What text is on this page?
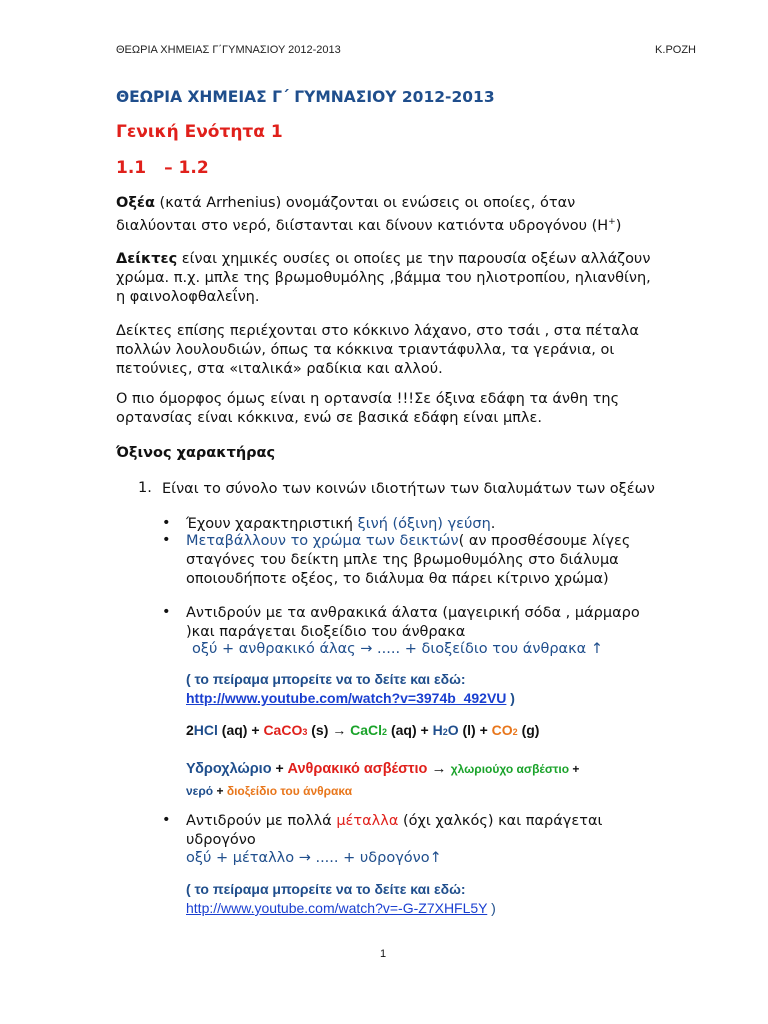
ΘΕΩΡΙΑ ΧΗΜΕΙΑΣ Γ΄ΓΥΜΝΑΣΙΟΥ 2012-2013	Κ.ΡΟΖΗ
ΘΕΩΡΙΑ ΧΗΜΕΙΑΣ Γ΄ ΓΥΜΝΑΣΙΟΥ 2012-2013
Γενική Ενότητα 1
1.1 – 1.2
Οξέα (κατά Arrhenius) ονομάζονται οι ενώσεις οι οποίες, όταν διαλύονται στο νερό, διίστανται και δίνουν κατιόντα υδρογόνου (H+)
Δείκτες είναι χημικές ουσίες οι οποίες με την παρουσία οξέων αλλάζουν χρώμα. π.χ. μπλε της βρωμοθυμόλης ,βάμμα του ηλιοτροπίου, ηλιανθίνη, η φαινολοφθαλεΐνη.
Δείκτες επίσης περιέχονται στο κόκκινο λάχανο, στο τσάι , στα πέταλα πολλών λουλουδιών, όπως τα κόκκινα τριαντάφυλλα, τα γεράνια, οι πετούνιες, στα «ιταλικά» ραδίκια και αλλού.
Ο πιο όμορφος όμως είναι η ορτανσία !!!Σε όξινα εδάφη τα άνθη της ορτανσίας είναι κόκκινα, ενώ σε βασικά εδάφη είναι μπλε.
Όξινος χαρακτήρας
1. Είναι το σύνολο των κοινών ιδιοτήτων των διαλυμάτων των οξέων
• Έχουν χαρακτηριστική ξινή (όξινη) γεύση.
• Μεταβάλλουν το χρώμα των δεικτών( αν προσθέσουμε λίγες σταγόνες του δείκτη μπλε της βρωμοθυμόλης στο διάλυμα οποιουδήποτε οξέος, το διάλυμα θα πάρει κίτρινο χρώμα)
• Αντιδρούν με τα ανθρακικά άλατα (μαγειρική σόδα , μάρμαρο )και παράγεται διοξείδιο του άνθρακα
οξύ + ανθρακικό άλας → ..... + διοξείδιο του άνθρακα ↑
( το πείραμα μπορείτε να το δείτε και εδώ:
http://www.youtube.com/watch?v=3974b_492VU )
2HCl (aq) + CaCO3 (s) → CaCl2 (aq) + H2O (l) + CO2 (g)
Υδροχλώριο + Ανθρακικό ασβέστιο → χλωριούχο ασβέστιο +
νερό + διοξείδιο του άνθρακα
• Αντιδρούν με πολλά μέταλλα (όχι χαλκός) και παράγεται υδρογόνο
οξύ + μέταλλο → ..... + υδρογόνο↑
( το πείραμα μπορείτε να το δείτε και εδώ:
http://www.youtube.com/watch?v=-G-Z7XHFL5Y )
1
